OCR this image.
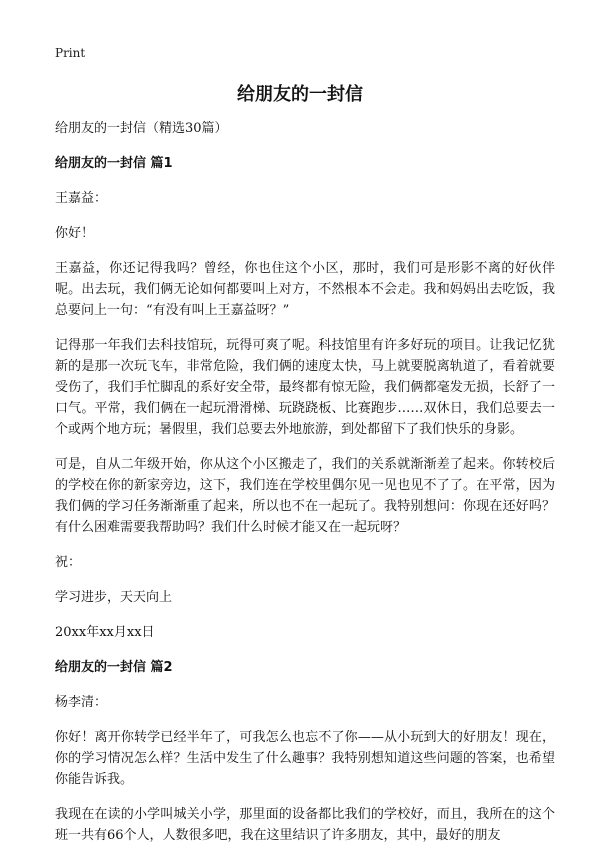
Print
给朋友的一封信

给朋友的一封信（精选30篇）

给朋友的一封信 篇1

王嘉益：

你好！

王嘉益，你还记得我吗？曾经，你也住这个小区，那时，我们可是形影不离的好伙伴呢。出去玩，我们俩无论如何都要叫上对方，不然根本不会走。我和妈妈出去吃饭，我总要问上一句：“有没有叫上王嘉益呀？”

记得那一年我们去科技馆玩，玩得可爽了呢。科技馆里有许多好玩的项目。让我记忆犹新的是那一次玩飞车，非常危险，我们俩的速度太快，马上就要脱离轨道了，看着就要受伤了，我们手忙脚乱的系好安全带，最终都有惊无险，我们俩都毫发无损，长舒了一口气。平常，我们俩在一起玩滑滑梯、玩跷跷板、比赛跑步……双休日，我们总要去一个或两个地方玩；暑假里，我们总要去外地旅游，到处都留下了我们快乐的身影。

可是，自从二年级开始，你从这个小区搬走了，我们的关系就渐渐差了起来。你转校后的学校在你的新家旁边，这下，我们连在学校里偶尔见一见也见不了了。在平常，因为我们俩的学习任务渐渐重了起来，所以也不在一起玩了。我特别想问：你现在还好吗？有什么困难需要我帮助吗？我们什么时候才能又在一起玩呀？

祝：

学习进步，天天向上

20xx年xx月xx日

给朋友的一封信 篇2

杨李清：

你好！离开你转学已经半年了，可我怎么也忘不了你——从小玩到大的好朋友！现在，你的学习情况怎么样？生活中发生了什么趣事？我特别想知道这些问题的答案，也希望你能告诉我。

我现在在读的小学叫城关小学，那里面的设备都比我们的学校好，而且，我所在的这个班一共有66个人，人数很多吧，我在这里结识了许多朋友，其中，最好的朋友
